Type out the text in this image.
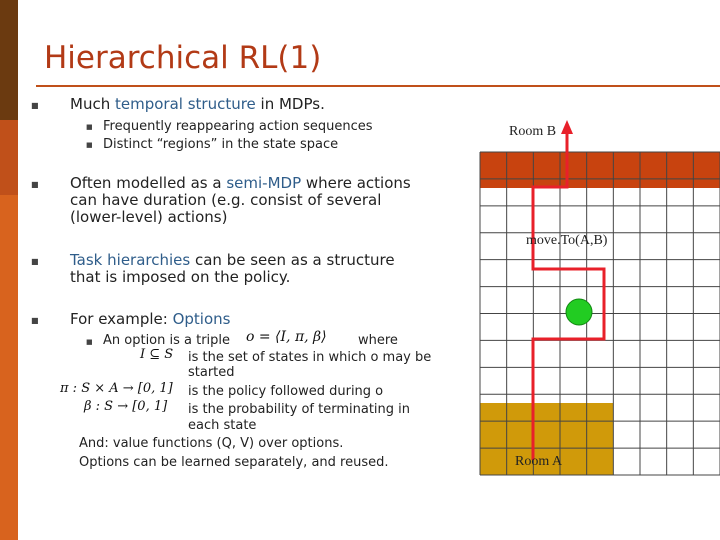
Hierarchical RL(1)
■ Much temporal structure in MDPs.
■ Frequently reappearing action sequences
■ Distinct “regions” in the state space
■ Often modelled as a semi-MDP where actions
can have duration (e.g. consist of several
(lower-level) actions)
■ Task hierarchies can be seen as a structure
that is imposed on the policy.
■ For example: Options
■ An option is a triple o = ⟨I, π, β⟩ where
I ⊆ S is the set of states in which o may be
started
π : S × A → [0, 1] is the policy followed during o
β : S → [0, 1] is the probability of terminating in
each state
And: value functions (Q, V) over options.
Options can be learned separately, and reused.
Room B
move.To(A,B)
Room A
